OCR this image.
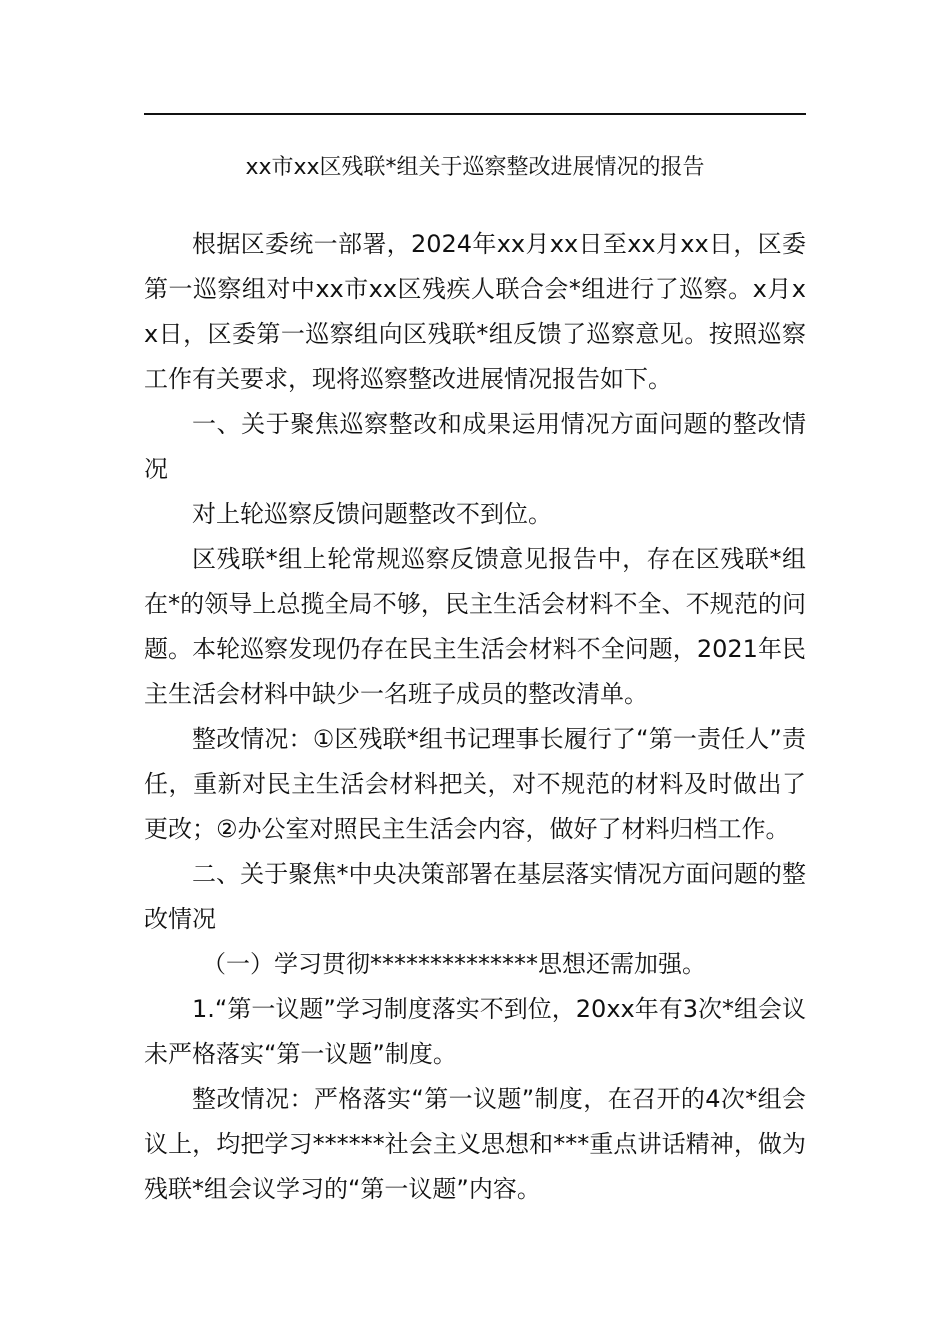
xx市xx区残联*组关于巡察整改进展情况的报告

根据区委统一部署，2024年xx月xx日至xx月xx日，区委第一巡察组对中xx市xx区残疾人联合会*组进行了巡察。x月xx日，区委第一巡察组向区残联*组反馈了巡察意见。按照巡察工作有关要求，现将巡察整改进展情况报告如下。

一、关于聚焦巡察整改和成果运用情况方面问题的整改情况

对上轮巡察反馈问题整改不到位。

区残联*组上轮常规巡察反馈意见报告中，存在区残联*组在*的领导上总揽全局不够，民主生活会材料不全、不规范的问题。本轮巡察发现仍存在民主生活会材料不全问题，2021年民主生活会材料中缺少一名班子成员的整改清单。

整改情况：①区残联*组书记理事长履行了“第一责任人”责任，重新对民主生活会材料把关，对不规范的材料及时做出了更改；②办公室对照民主生活会内容，做好了材料归档工作。

二、关于聚焦*中央决策部署在基层落实情况方面问题的整改情况

（一）学习贯彻**************思想还需加强。

1.“第一议题”学习制度落实不到位，20xx年有3次*组会议未严格落实“第一议题”制度。

整改情况：严格落实“第一议题”制度，在召开的4次*组会议上，均把学习******社会主义思想和***重点讲话精神，做为残联*组会议学习的“第一议题”内容。
